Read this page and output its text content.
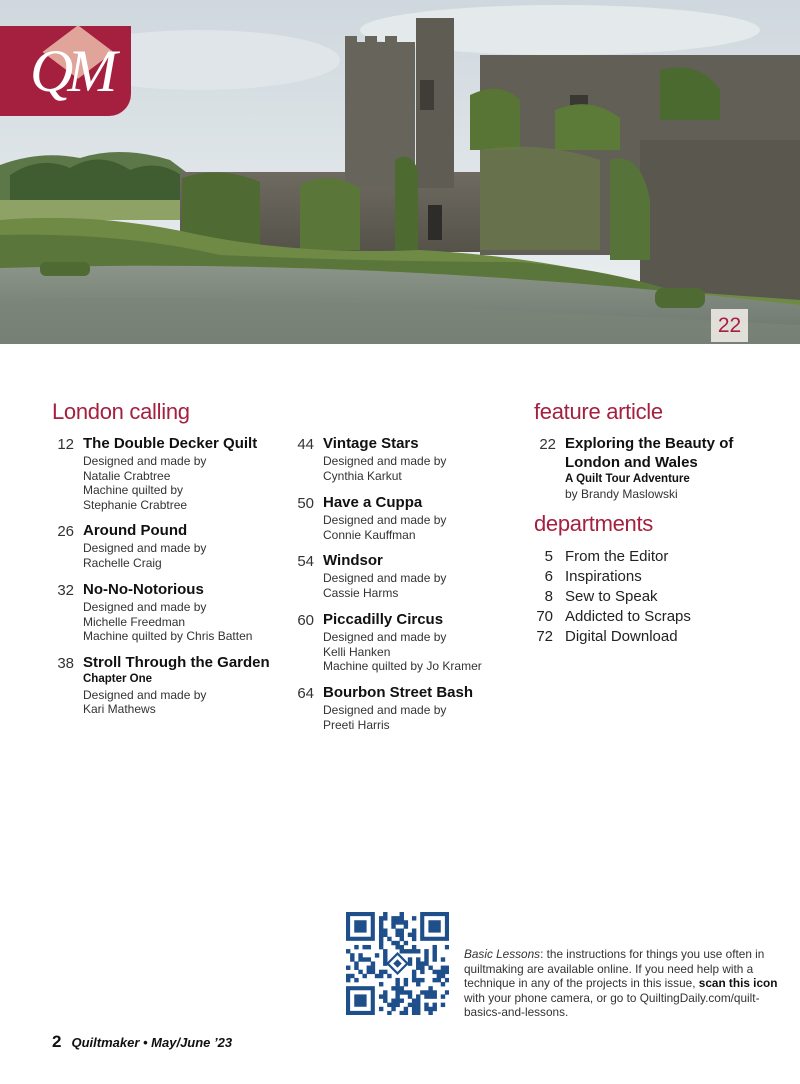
QM
22
London calling
12 The Double Decker Quilt
Designed and made by
Natalie Crabtree
Machine quilted by
Stephanie Crabtree
26 Around Pound
Designed and made by
Rachelle Craig
32 No-No-Notorious
Designed and made by
Michelle Freedman
Machine quilted by Chris Batten
38 Stroll Through the Garden
Chapter One
Designed and made by
Kari Mathews
44 Vintage Stars
Designed and made by
Cynthia Karkut
50 Have a Cuppa
Designed and made by
Connie Kauffman
54 Windsor
Designed and made by
Cassie Harms
60 Piccadilly Circus
Designed and made by
Kelli Hanken
Machine quilted by Jo Kramer
64 Bourbon Street Bash
Designed and made by
Preeti Harris
feature article
22 Exploring the Beauty of
London and Wales
A Quilt Tour Adventure
by Brandy Maslowski
departments
5 From the Editor
6 Inspirations
8 Sew to Speak
70 Addicted to Scraps
72 Digital Download
Basic Lessons: the instructions for things you use often in quiltmaking are available online. If you need help with a technique in any of the projects in this issue, scan this icon with your phone camera, or go to QuiltingDaily.com/quilt-basics-and-lessons.
2 Quiltmaker • May/June ’23
